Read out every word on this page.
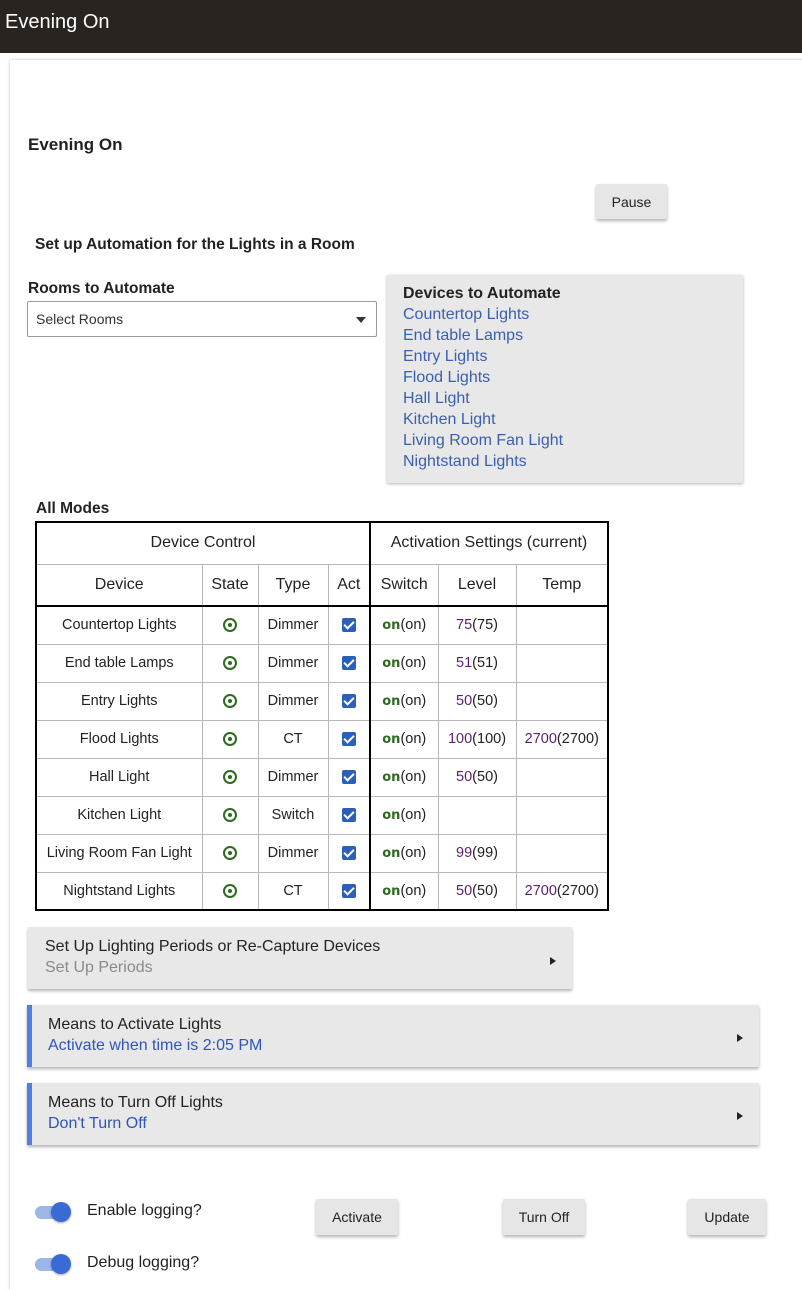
Evening On
Evening On
Pause
Set up Automation for the Lights in a Room
Rooms to Automate
Select Rooms
Devices to Automate
Countertop Lights
End table Lamps
Entry Lights
Flood Lights
Hall Light
Kitchen Light
Living Room Fan Light
Nightstand Lights
All Modes
Device Control				Activation Settings (current)		
Device	State	Type	Act	Switch	Level	Temp
Countertop Lights		Dimmer		on(on)	75(75)	
End table Lamps		Dimmer		on(on)	51(51)	
Entry Lights		Dimmer		on(on)	50(50)	
Flood Lights		CT		on(on)	100(100)	2700(2700)
Hall Light		Dimmer		on(on)	50(50)	
Kitchen Light		Switch		on(on)		
Living Room Fan Light		Dimmer		on(on)	99(99)	
Nightstand Lights		CT		on(on)	50(50)	2700(2700)
Set Up Lighting Periods or Re-Capture Devices
Set Up Periods
Means to Activate Lights
Activate when time is 2:05 PM
Means to Turn Off Lights
Don't Turn Off
Enable logging?
Debug logging?
Activate	Turn Off	Update
